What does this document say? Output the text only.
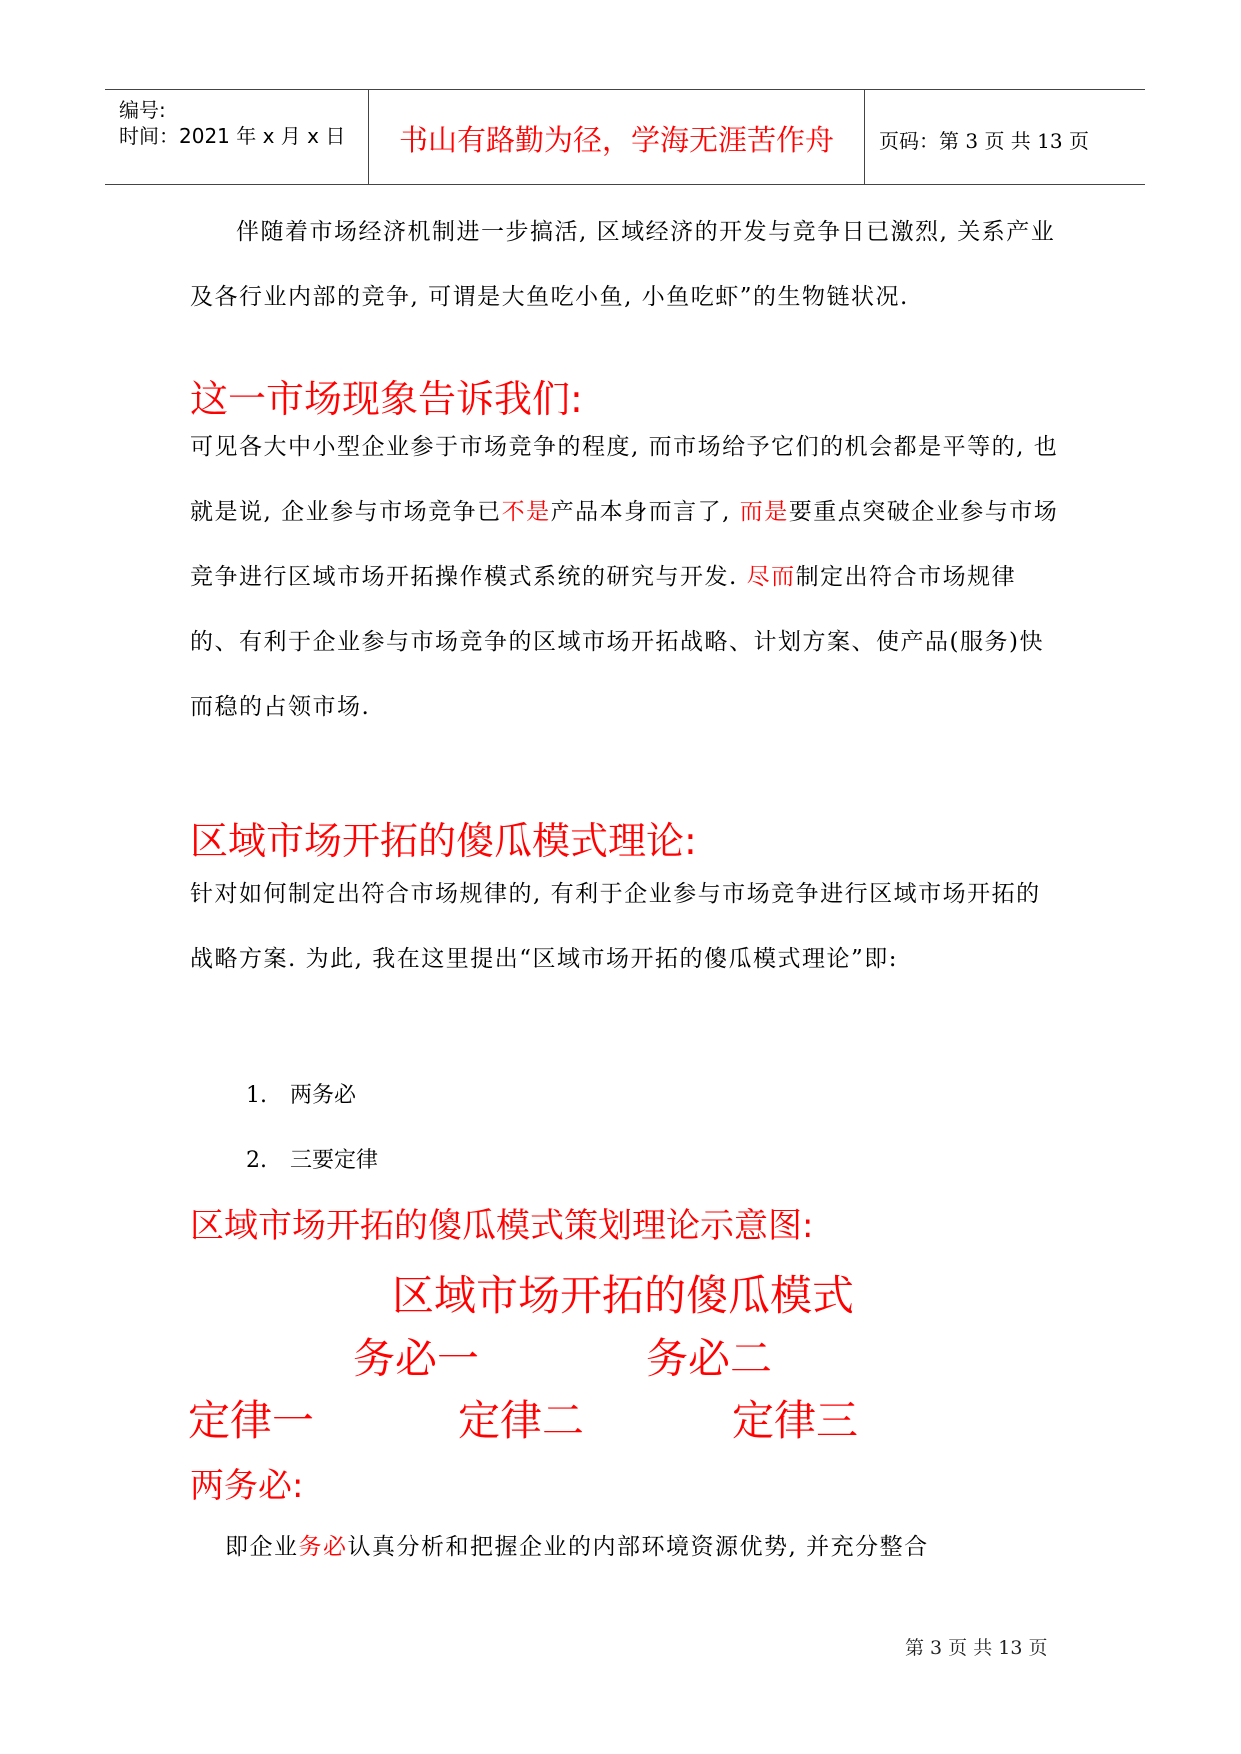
编号:
时间：2021 年 x 月 x 日	书山有路勤为径，学海无涯苦作舟	页码：第 3 页 共 13 页

伴随着市场经济机制进一步搞活, 区域经济的开发与竞争日已激烈, 关系产业及各行业内部的竞争, 可谓是大鱼吃小鱼, 小鱼吃虾”的生物链状况.

这一市场现象告诉我们:

可见各大中小型企业参于市场竞争的程度, 而市场给予它们的机会都是平等的, 也就是说, 企业参与市场竞争已不是产品本身而言了, 而是要重点突破企业参与市场竞争进行区域市场开拓操作模式系统的研究与开发. 尽而制定出符合市场规律的、有利于企业参与市场竞争的区域市场开拓战略、计划方案、使产品(服务)快而稳的占领市场.

区域市场开拓的傻瓜模式理论:

针对如何制定出符合市场规律的, 有利于企业参与市场竞争进行区域市场开拓的战略方案. 为此, 我在这里提出“区域市场开拓的傻瓜模式理论”即:

1. 两务必
2. 三要定律
区域市场开拓的傻瓜模式策划理论示意图:
区域市场开拓的傻瓜模式
务必一	务必二
定律一	定律二	定律三
两务必:

即企业务必认真分析和把握企业的内部环境资源优势, 并充分整合

第 3 页 共 13 页
